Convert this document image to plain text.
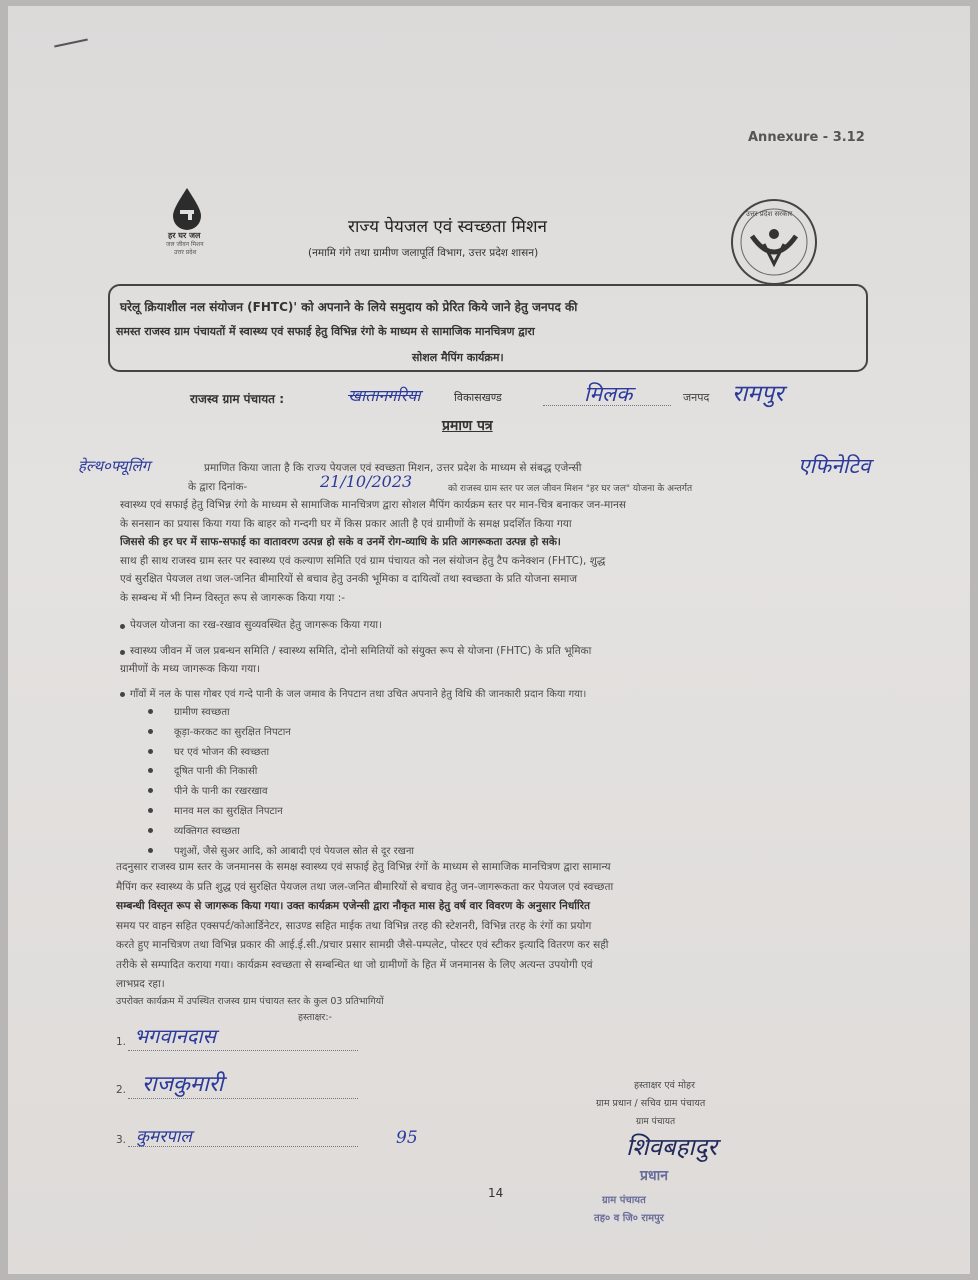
Annexure - 3.12
हर घर जल
जल जीवन मिशन
उत्तर प्रदेश
उत्तर प्रदेश सरकार
राज्य पेयजल एवं स्वच्छता मिशन
(नमामि गंगे तथा ग्रामीण जलापूर्ति विभाग, उत्तर प्रदेश शासन)
घरेलू क्रियाशील नल संयोजन (FHTC)' को अपनाने के लिये समुदाय को प्रेरित किये जाने हेतु जनपद की
समस्त राजस्व ग्राम पंचायतों में स्वास्थ्य एवं सफाई हेतु विभिन्न रंगो के माध्यम से सामाजिक मानचित्रण द्वारा
सोशल मैपिंग कार्यक्रम।
राजस्व ग्राम पंचायत :	खातानगरिया	विकासखण्ड	मिलक	जनपद रामपुर
प्रमाण पत्र
हेल्थ०फ्यूलिंग	प्रमाणित किया जाता है कि राज्य पेयजल एवं स्वच्छता मिशन, उत्तर प्रदेश के माध्यम से संबद्ध एजेन्सी	एफिनेटिव
के द्वारा दिनांक-	21/10/2023	को राजस्व ग्राम स्तर पर जल जीवन मिशन "हर घर जल" योजना के अन्तर्गत
स्वास्थ्य एवं सफाई हेतु विभिन्न रंगो के माध्यम से सामाजिक मानचित्रण द्वारा सोशल मैपिंग कार्यक्रम स्तर पर मान-चित्र बनाकर जन-मानस
के सनसान का प्रयास किया गया कि बाहर को गन्दगी घर में किस प्रकार आती है एवं ग्रामीणों के समक्ष प्रदर्शित किया गया
जिससे की हर घर में साफ-सफाई का वातावरण उत्पन्न हो सके व उनमें रोग-व्याधि के प्रति आगरूकता उत्पन्न हो सके।
साथ ही साथ राजस्व ग्राम स्तर पर स्वास्थ्य एवं कल्याण समिति एवं ग्राम पंचायत को नल संयोजन हेतु टैप कनेक्शन (FHTC), शुद्ध
एवं सुरक्षित पेयजल तथा जल-जनित बीमारियों से बचाव हेतु उनकी भूमिका व दायित्वों तथा स्वच्छता के प्रति योजना समाज
के सम्बन्ध में भी निम्न विस्तृत रूप से जागरूक किया गया :-
पेयजल योजना का रख-रखाव सुव्यवस्थित हेतु जागरूक किया गया।
स्वास्थ्य जीवन में जल प्रबन्धन समिति / स्वास्थ्य समिति, दोनो समितियों को संयुक्त रूप से योजना (FHTC) के प्रति भूमिका
ग्रामीणों के मध्य जागरूक किया गया।
गाँवों में नल के पास गोबर एवं गन्दे पानी के जल जमाव के निपटान तथा उचित अपनाने हेतु विधि की जानकारी प्रदान किया गया।
ग्रामीण स्वच्छता
कूड़ा-करकट का सुरक्षित निपटान
घर एवं भोजन की स्वच्छता
दूषित पानी की निकासी
पीने के पानी का रखरखाव
मानव मल का सुरक्षित निपटान
व्यक्तिगत स्वच्छता
पशुओं, जैसे सुअर आदि, को आबादी एवं पेयजल स्रोत से दूर रखना
तदनुसार राजस्व ग्राम स्तर के जनमानस के समक्ष स्वास्थ्य एवं सफाई हेतु विभिन्न रंगों के माध्यम से सामाजिक मानचित्रण द्वारा सामान्य
मैपिंग कर स्वास्थ्य के प्रति शुद्ध एवं सुरक्षित पेयजल तथा जल-जनित बीमारियों से बचाव हेतु जन-जागरूकता कर पेयजल एवं स्वच्छता
सम्बन्धी विस्तृत रूप से जागरूक किया गया। उक्त कार्यक्रम एजेन्सी द्वारा नौकृत मास हेतु वर्ष वार विवरण के अनुसार निर्धारित
समय पर वाहन सहित एक्सपर्ट/कोआर्डिनेटर, साउण्ड सहित माईक तथा विभिन्न तरह की स्टेशनरी, विभिन्न तरह के रंगों का प्रयोग
करते हुए मानचित्रण तथा विभिन्न प्रकार की आई.ई.सी./प्रचार प्रसार सामग्री जैसे-पम्पलेट, पोस्टर एवं स्टीकर इत्यादि वितरण कर सही
तरीके से सम्पादित कराया गया। कार्यक्रम स्वच्छता से सम्बन्धित था जो ग्रामीणों के हित में जनमानस के लिए अत्यन्त उपयोगी एवं
लाभप्रद रहा।
उपरोक्त कार्यक्रम में उपस्थित राजस्व ग्राम पंचायत स्तर के कुल 03 प्रतिभागियों
हस्ताक्षर:-
1. भगवानदास
2. राजकुमारी
3. कुमरपाल	95
हस्ताक्षर एवं मोहर
ग्राम प्रधान / सचिव ग्राम पंचायत
ग्राम पंचायत
शिवबहादुर
प्रधान
ग्राम पंचायत
तह० व जि० रामपुर
14
